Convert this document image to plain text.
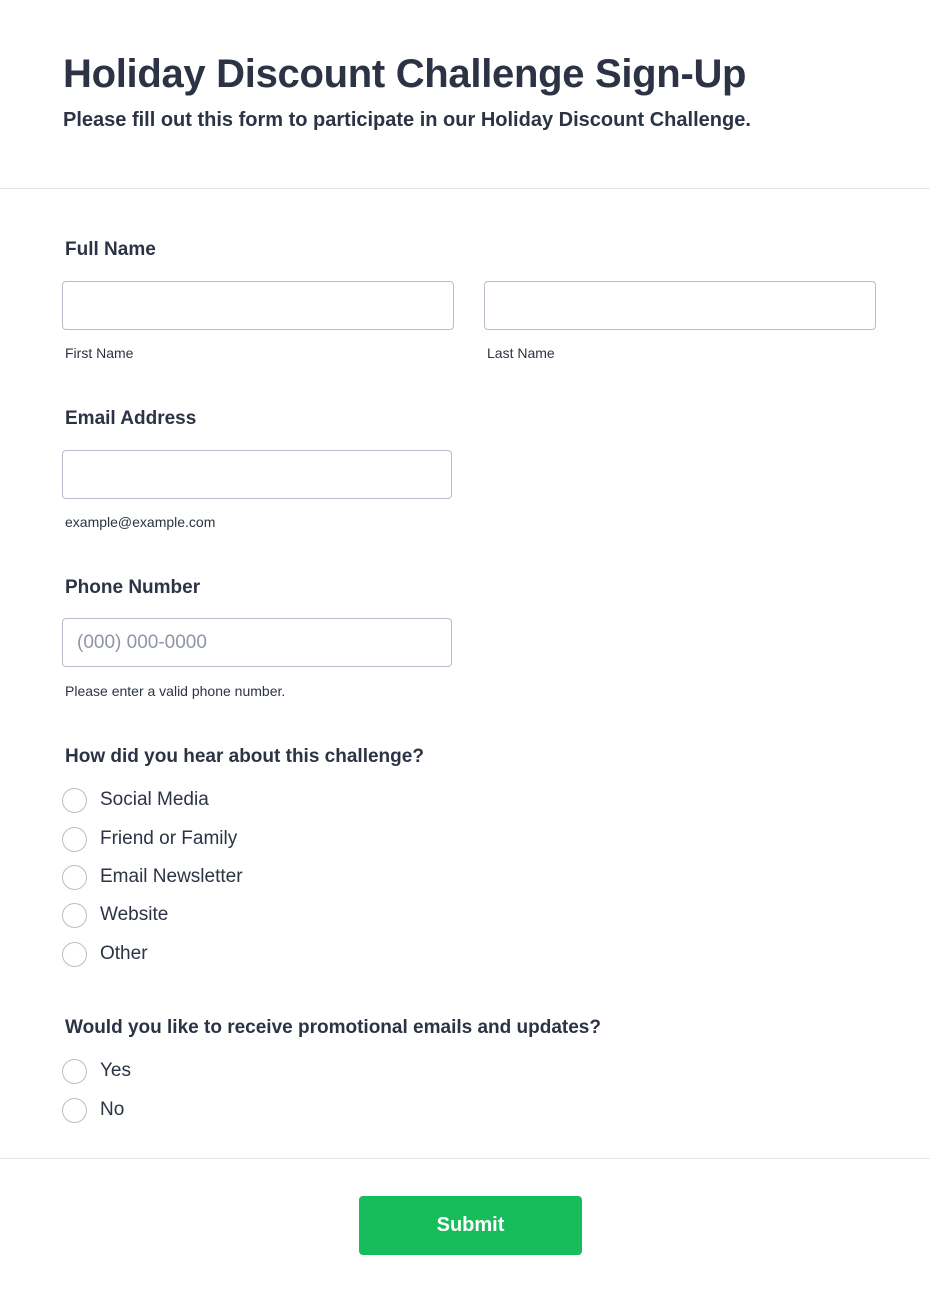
Holiday Discount Challenge Sign-Up
Please fill out this form to participate in our Holiday Discount Challenge.
Full Name
First Name	Last Name
Email Address
example@example.com
Phone Number
(000) 000-0000
Please enter a valid phone number.
How did you hear about this challenge?
Social Media
Friend or Family
Email Newsletter
Website
Other
Would you like to receive promotional emails and updates?
Yes
No
Submit
